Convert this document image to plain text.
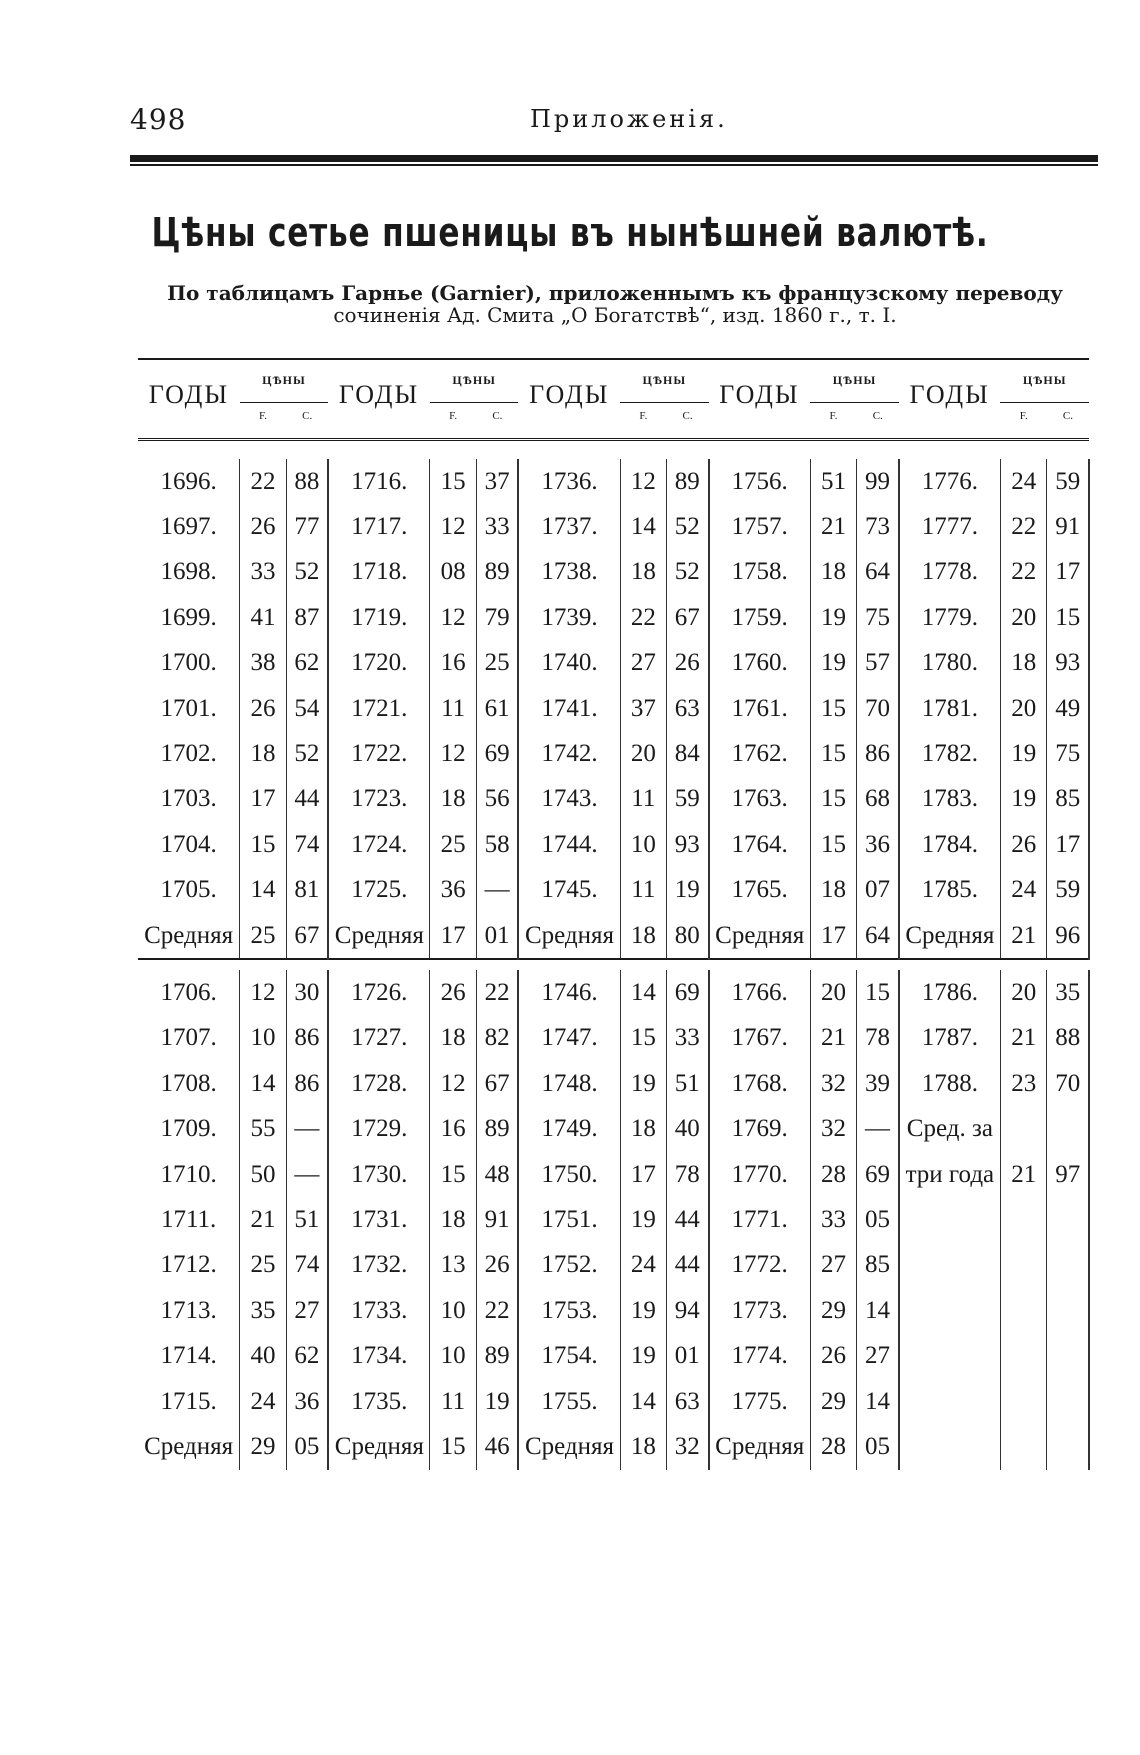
498	Приложенія.
Цѣны сетье пшеницы въ нынѣшней валютѣ.
По таблицамъ Гарнье (Garnier), приложеннымъ къ французскому переводу
сочиненія Ад. Смита „О Богатствѣ“, изд. 1860 г., т. I.
ГОДЫ	ЦѢНЫ		ГОДЫ	ЦѢНЫ		ГОДЫ	ЦѢНЫ		ГОДЫ	ЦѢНЫ		ГОДЫ	ЦѢНЫ	
	F.	C.		F.	C.		F.	C.		F.	C.		F.	C.

1696.	22	88	1716.	15	37	1736.	12	89	1756.	51	99	1776.	24	59
1697.	26	77	1717.	12	33	1737.	14	52	1757.	21	73	1777.	22	91
1698.	33	52	1718.	08	89	1738.	18	52	1758.	18	64	1778.	22	17
1699.	41	87	1719.	12	79	1739.	22	67	1759.	19	75	1779.	20	15
1700.	38	62	1720.	16	25	1740.	27	26	1760.	19	57	1780.	18	93
1701.	26	54	1721.	11	61	1741.	37	63	1761.	15	70	1781.	20	49
1702.	18	52	1722.	12	69	1742.	20	84	1762.	15	86	1782.	19	75
1703.	17	44	1723.	18	56	1743.	11	59	1763.	15	68	1783.	19	85
1704.	15	74	1724.	25	58	1744.	10	93	1764.	15	36	1784.	26	17
1705.	14	81	1725.	36	—	1745.	11	19	1765.	18	07	1785.	24	59
Средняя	25	67	Средняя	17	01	Средняя	18	80	Средняя	17	64	Средняя	21	96

1706.	12	30	1726.	26	22	1746.	14	69	1766.	20	15	1786.	20	35
1707.	10	86	1727.	18	82	1747.	15	33	1767.	21	78	1787.	21	88
1708.	14	86	1728.	12	67	1748.	19	51	1768.	32	39	1788.	23	70
1709.	55	—	1729.	16	89	1749.	18	40	1769.	32	—	Сред. за		
1710.	50	—	1730.	15	48	1750.	17	78	1770.	28	69	три года	21	97
1711.	21	51	1731.	18	91	1751.	19	44	1771.	33	05			
1712.	25	74	1732.	13	26	1752.	24	44	1772.	27	85			
1713.	35	27	1733.	10	22	1753.	19	94	1773.	29	14			
1714.	40	62	1734.	10	89	1754.	19	01	1774.	26	27			
1715.	24	36	1735.	11	19	1755.	14	63	1775.	29	14			
Средняя	29	05	Средняя	15	46	Средняя	18	32	Средняя	28	05			
